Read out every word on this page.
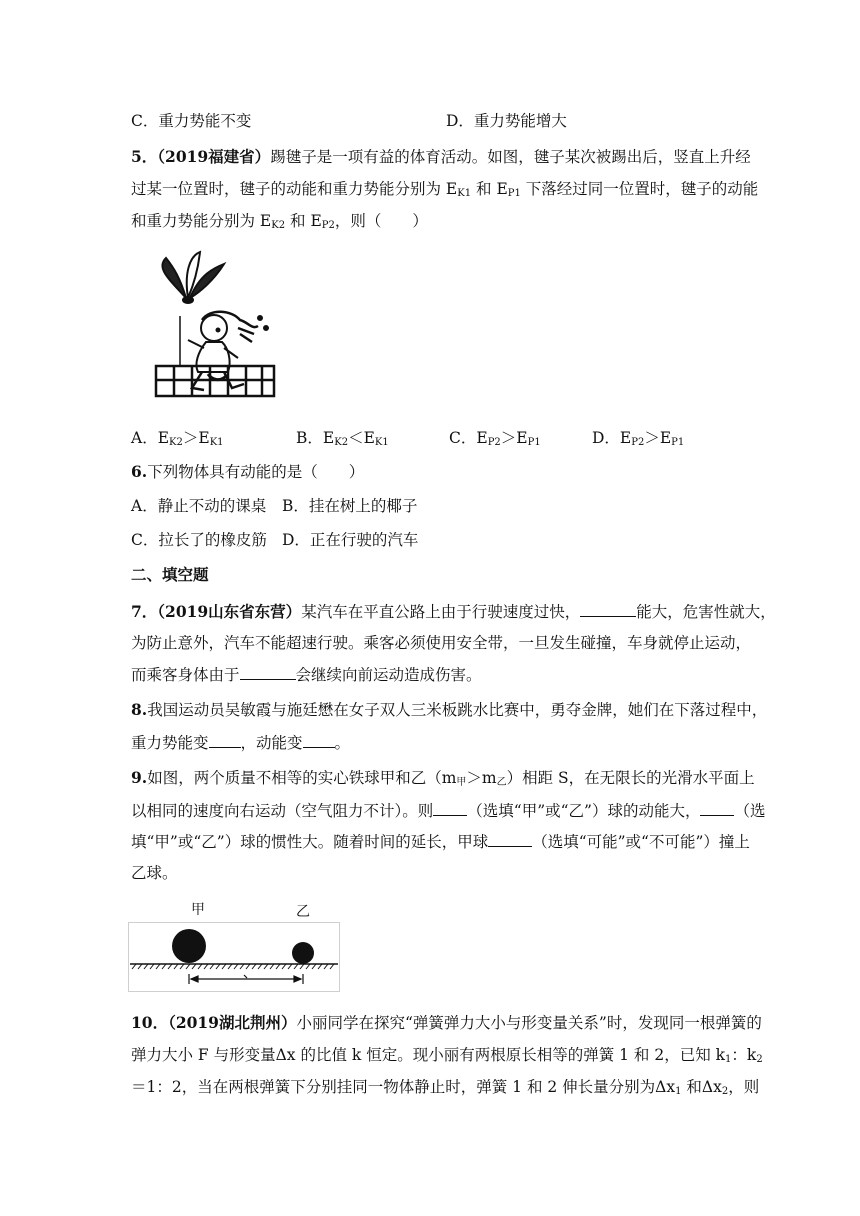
C．重力势能不变	D．重力势能增大
5．（2019福建省）踢毽子是一项有益的体育活动。如图，毽子某次被踢出后，竖直上升经
过某一位置时，毽子的动能和重力势能分别为 $E_{K1}$ 和 $E_{P1}$ 下落经过同一位置时，毽子的动能
和重力势能分别为 $E_{K2}$ 和 $E_{P2}$，则（　　）
A．$E_{K2}>E_{K1}$	B．$E_{K2}<E_{K1}$	C．$E_{P2}>E_{P1}$	D．$E_{P2}>E_{P1}$
6.下列物体具有动能的是（　　）
A．静止不动的课桌 B．挂在树上的椰子
C．拉长了的橡皮筋 D．正在行驶的汽车
二、填空题
7．（2019山东省东营）某汽车在平直公路上由于行驶速度过快，	能大，危害性就大，
为防止意外，汽车不能超速行驶。乘客必须使用安全带，一旦发生碰撞，车身就停止运动，
而乘客身体由于	会继续向前运动造成伤害。
8.我国运动员吴敏霞与施廷懋在女子双人三米板跳水比赛中，勇夺金牌，她们在下落过程中，
重力势能变 ，动能变 。
9.如图，两个质量不相等的实心铁球甲和乙$(m_甲>m_乙)$相距 S，在无限长的光滑水平面上
以相同的速度向右运动（空气阻力不计）。则 （选填“甲”或“乙”）球的动能大， （选
填“甲”或“乙”）球的惯性大。随着时间的延长，甲球	（选填“可能”或“不可能”）撞上
乙球。
甲	乙
10．（2019湖北荆州）小丽同学在探究“弹簧弹力大小与形变量关系”时，发现同一根弹簧的
弹力大小 F 与形变量Δx 的比值 k 恒定。现小丽有两根原长相等的弹簧 1 和 2，已知 $k_1$：$k_2$
＝1：2，当在两根弹簧下分别挂同一物体静止时，弹簧 1 和 2 伸长量分别为$\Delta x_1$ 和$\Delta x_2$，则
